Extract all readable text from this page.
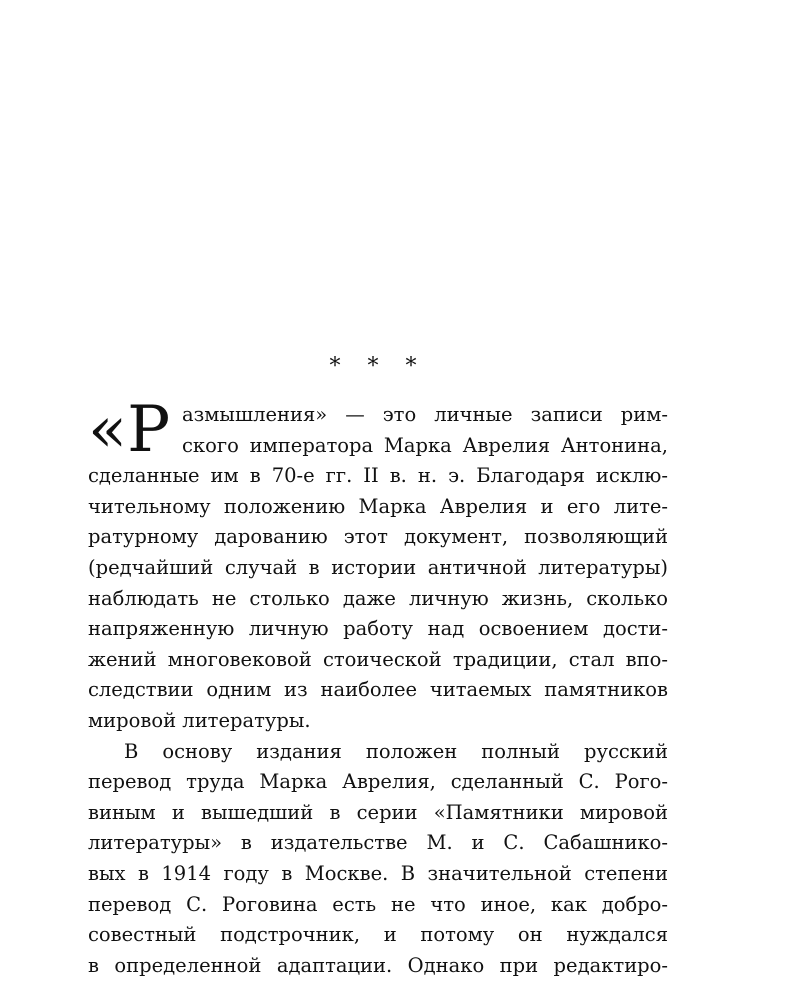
* * *
«Р азмышления» — это личные записи рим-
ского императора Марка Аврелия Антонина,
сделанные им в 70-е гг. II в. н. э. Благодаря исклю-
чительному положению Марка Аврелия и его лите-
ратурному дарованию этот документ, позволяющий
(редчайший случай в истории античной литературы)
наблюдать не столько даже личную жизнь, сколько
напряженную личную работу над освоением дости-
жений многовековой стоической традиции, стал впо-
следствии одним из наиболее читаемых памятников
мировой литературы.
В основу издания положен полный русский
перевод труда Марка Аврелия, сделанный С. Рого-
виным и вышедший в серии «Памятники мировой
литературы» в издательстве М. и С. Сабашнико-
вых в 1914 году в Москве. В значительной степени
перевод С. Роговина есть не что иное, как добро-
совестный подстрочник, и потому он нуждался
в определенной адаптации. Однако при редактиро-
